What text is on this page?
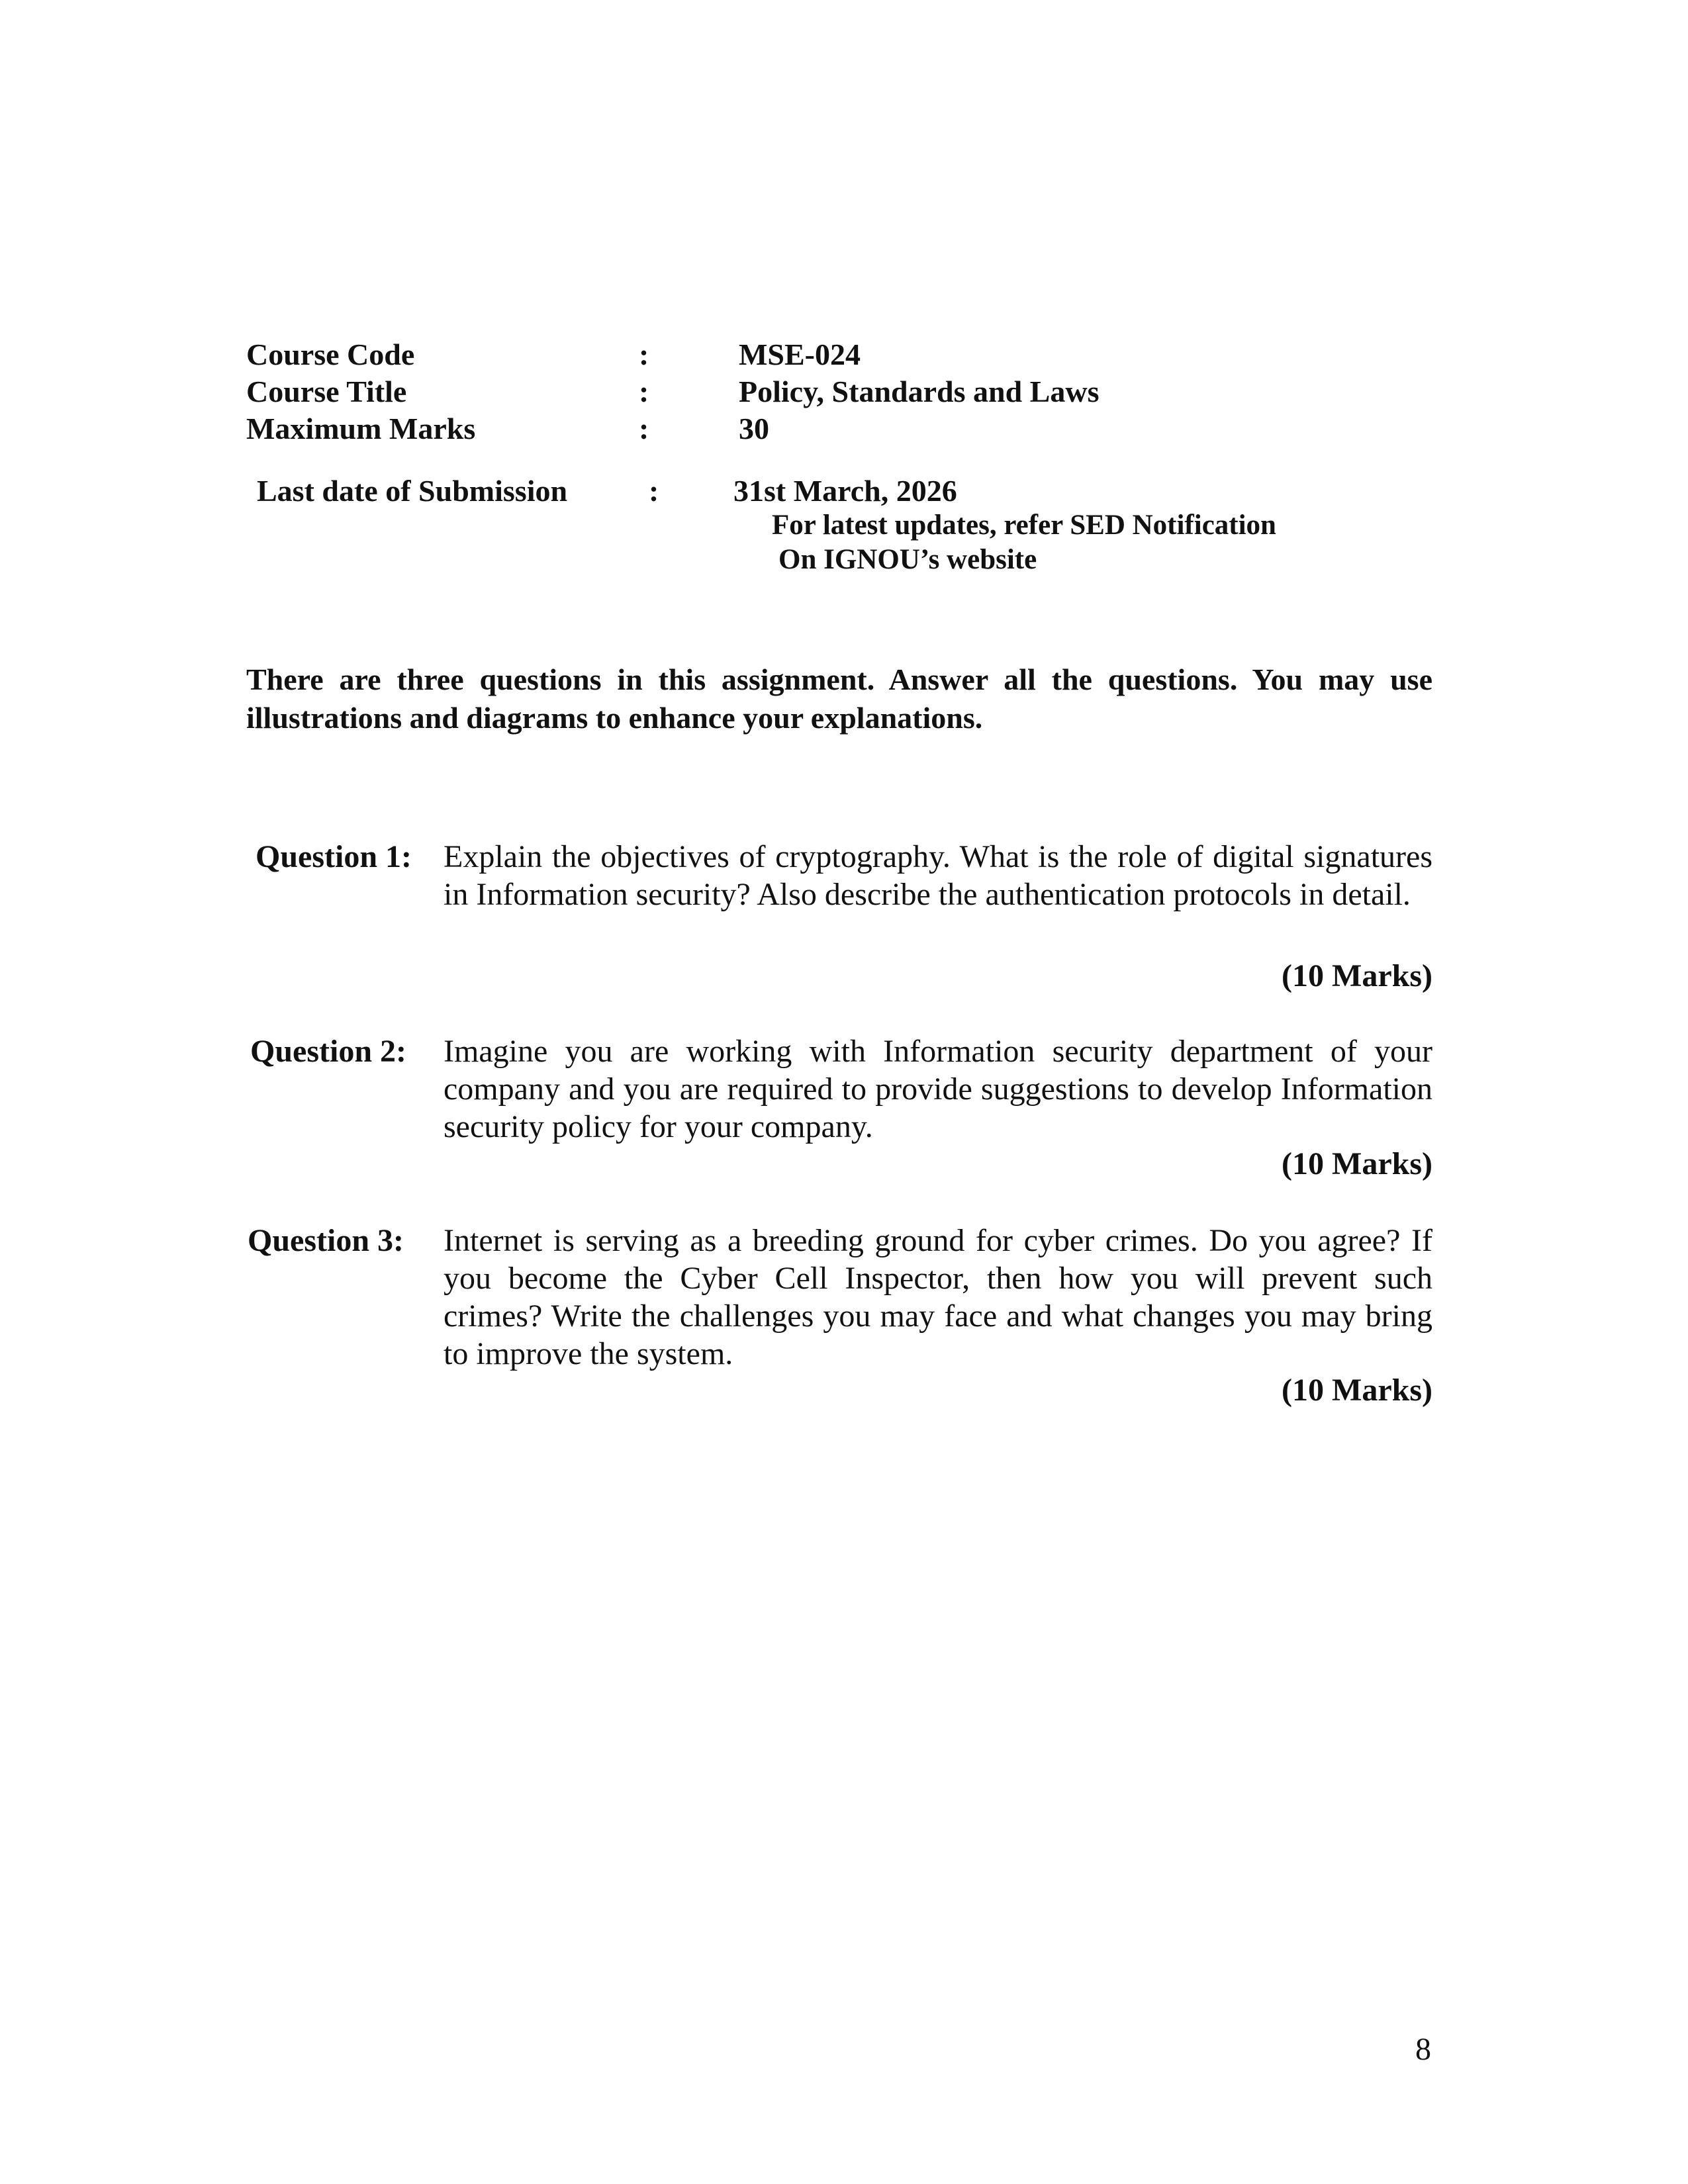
Course Code	:	MSE-024
Course Title	:	Policy, Standards and Laws
Maximum Marks	:	30
Last date of Submission	: 31st March, 2026
For latest updates, refer SED Notification
On IGNOU’s website
There are three questions in this assignment. Answer all the questions. You may use illustrations and diagrams to enhance your explanations.
Question 1: Explain the objectives of cryptography. What is the role of digital signatures in Information security? Also describe the authentication protocols in detail.
(10 Marks)
Question 2: Imagine you are working with Information security department of your company and you are required to provide suggestions to develop Information security policy for your company.
(10 Marks)
Question 3: Internet is serving as a breeding ground for cyber crimes. Do you agree? If you become the Cyber Cell Inspector, then how you will prevent such crimes? Write the challenges you may face and what changes you may bring to improve the system.
(10 Marks)
8
